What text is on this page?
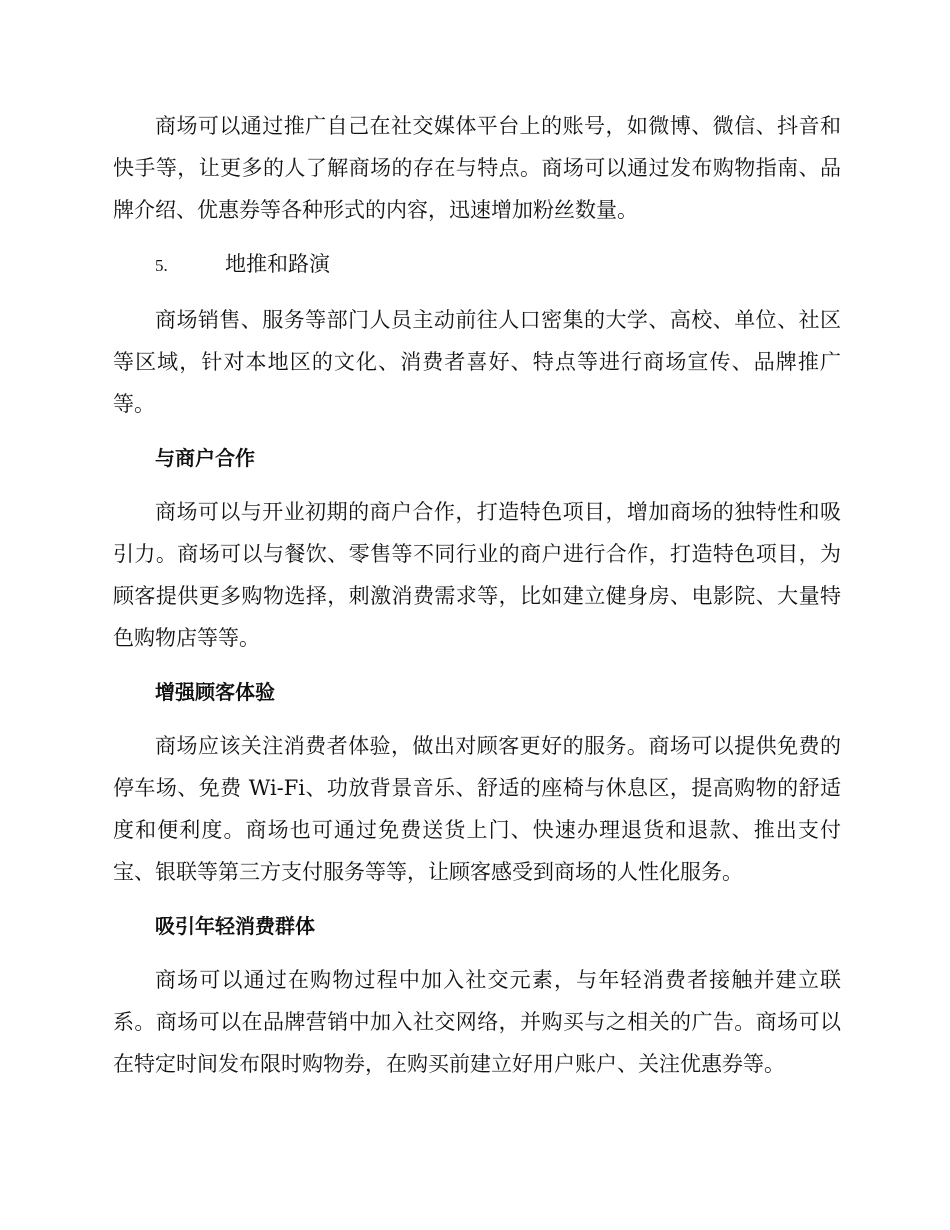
商场可以通过推广自己在社交媒体平台上的账号，如微博、微信、抖音和快手等，让更多的人了解商场的存在与特点。商场可以通过发布购物指南、品牌介绍、优惠券等各种形式的内容，迅速增加粉丝数量。

5.	地推和路演

商场销售、服务等部门人员主动前往人口密集的大学、高校、单位、社区等区域，针对本地区的文化、消费者喜好、特点等进行商场宣传、品牌推广等。

与商户合作

商场可以与开业初期的商户合作，打造特色项目，增加商场的独特性和吸引力。商场可以与餐饮、零售等不同行业的商户进行合作，打造特色项目，为顾客提供更多购物选择，刺激消费需求等，比如建立健身房、电影院、大量特色购物店等等。

增强顾客体验

商场应该关注消费者体验，做出对顾客更好的服务。商场可以提供免费的停车场、免费 Wi-Fi、功放背景音乐、舒适的座椅与休息区，提高购物的舒适度和便利度。商场也可通过免费送货上门、快速办理退货和退款、推出支付宝、银联等第三方支付服务等等，让顾客感受到商场的人性化服务。

吸引年轻消费群体

商场可以通过在购物过程中加入社交元素，与年轻消费者接触并建立联系。商场可以在品牌营销中加入社交网络，并购买与之相关的广告。商场可以在特定时间发布限时购物券，在购买前建立好用户账户、关注优惠券等。
